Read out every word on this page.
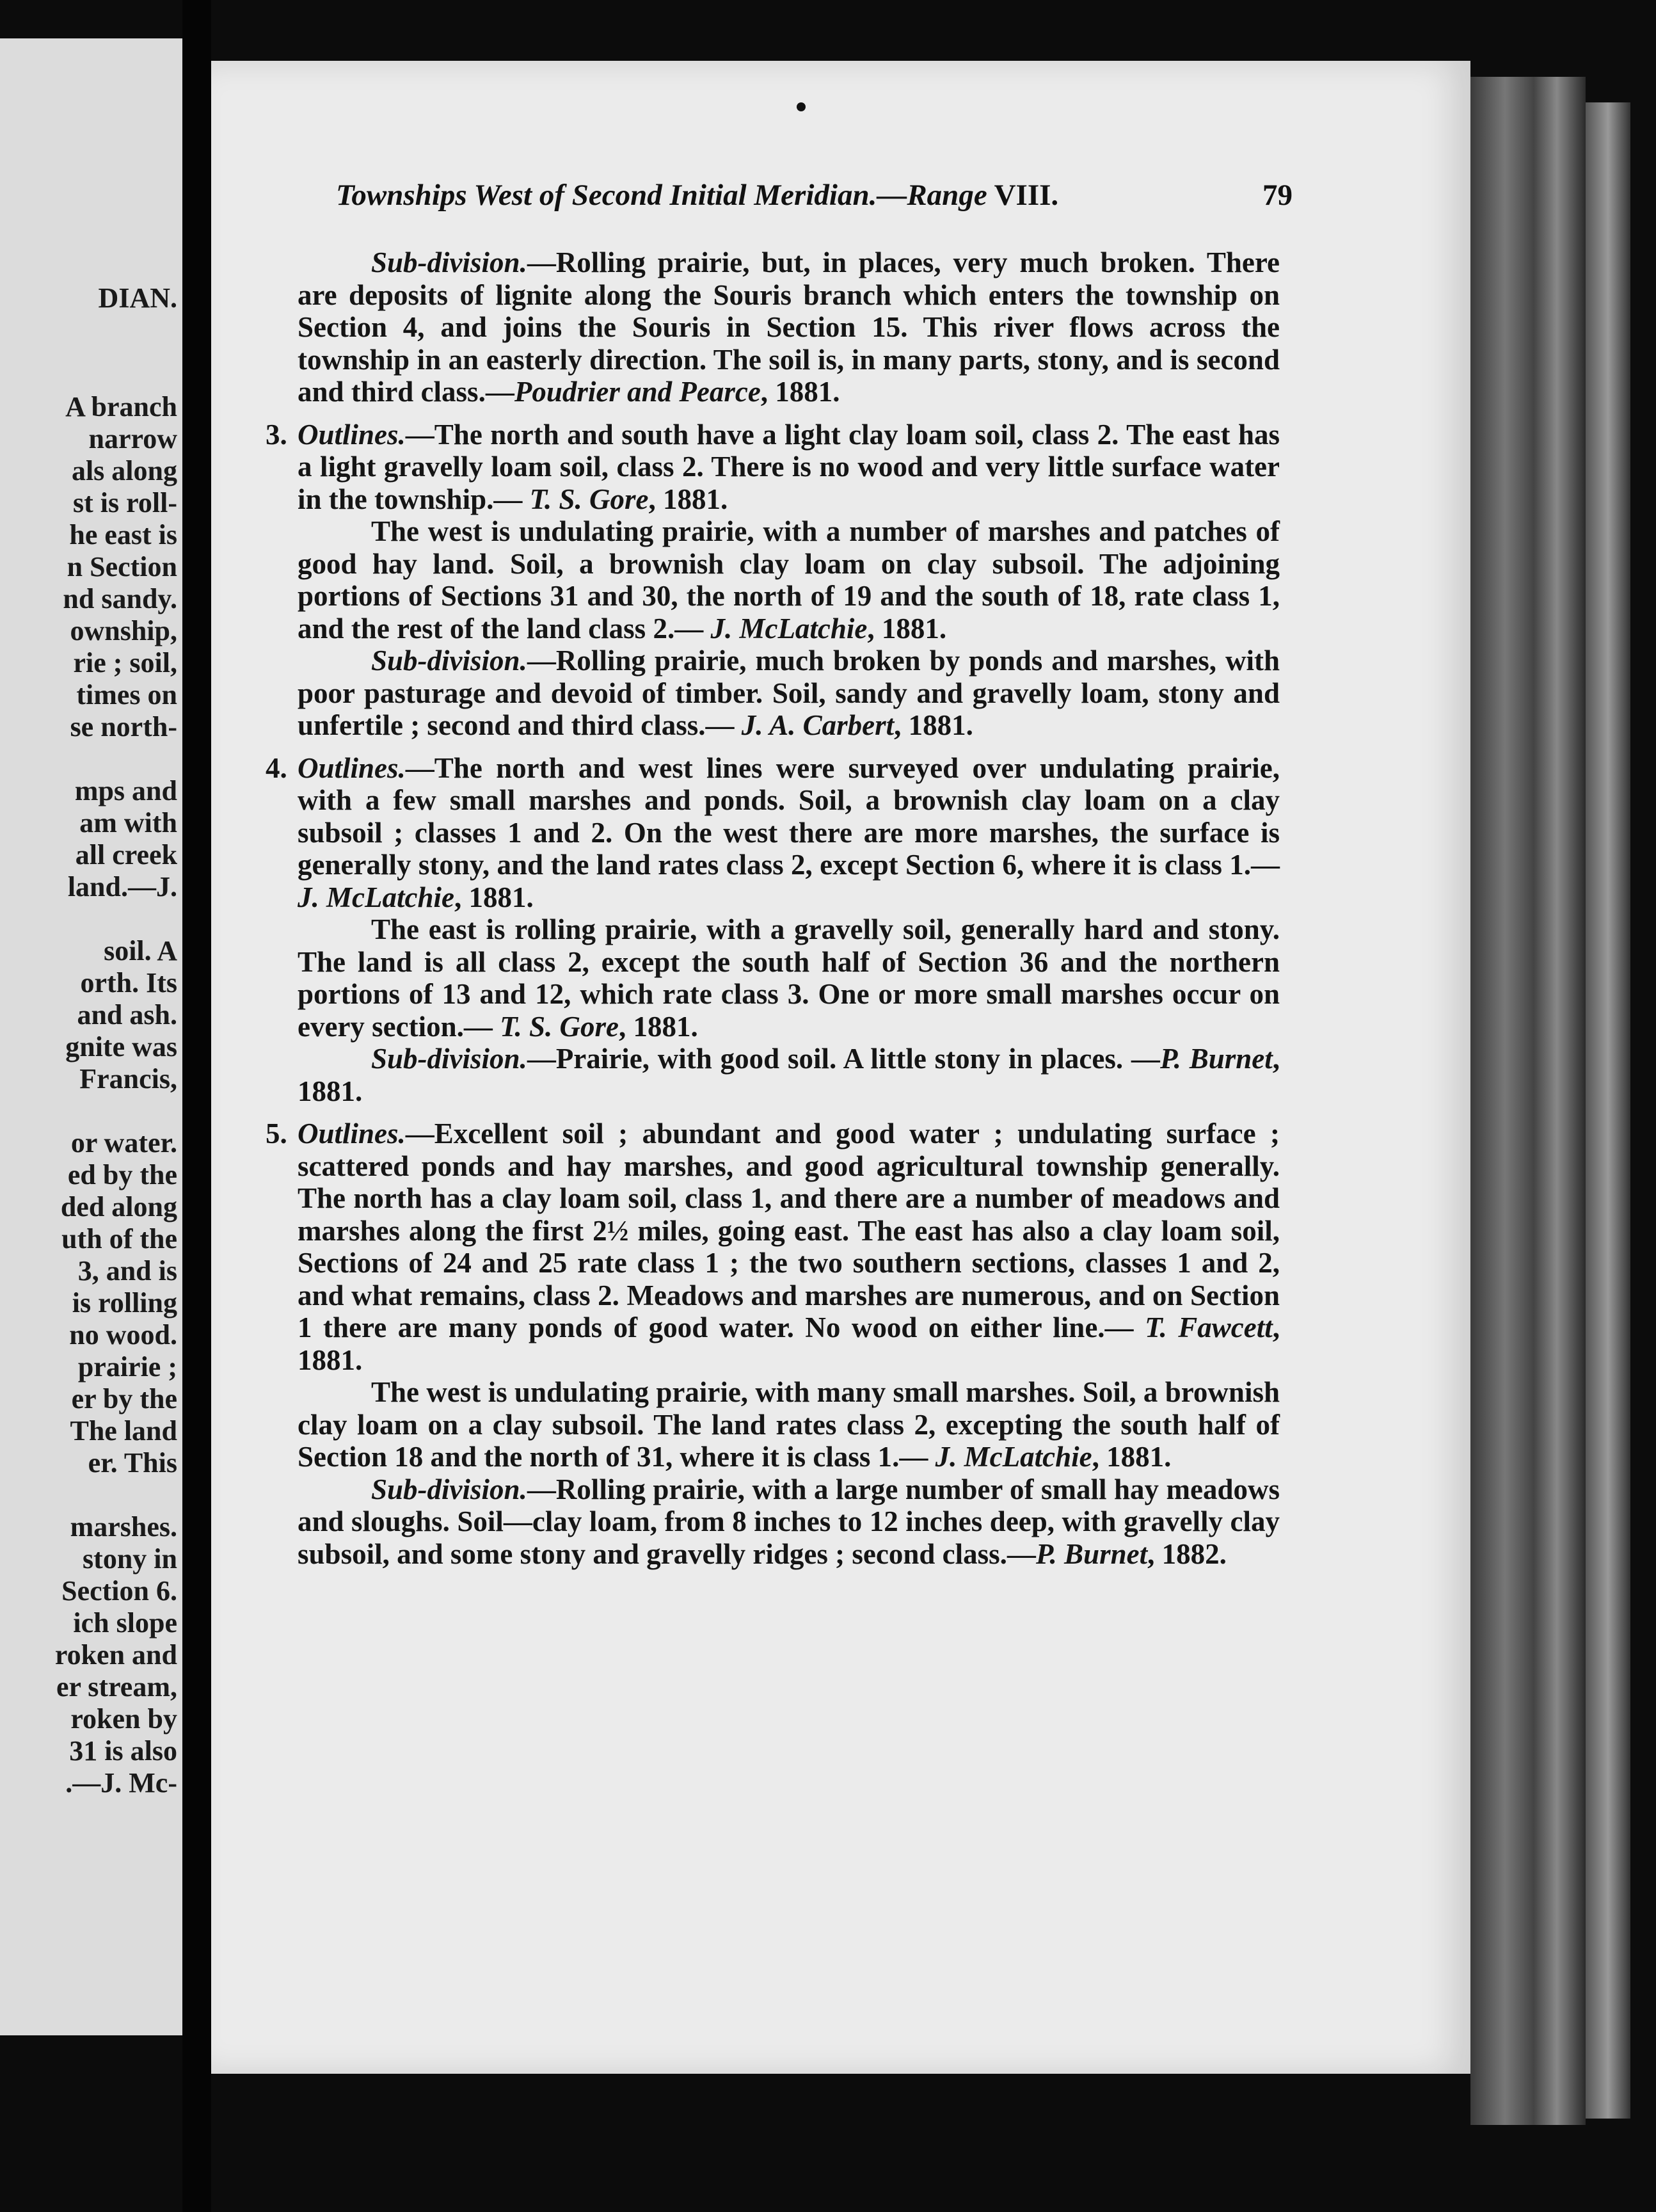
DIAN.
A branch
narrow
als along
st is roll-
he east is
n Section
nd sandy.
ownship,
rie ; soil,
times on
se north-
mps and
am with
all creek
land.—J.
soil. A
orth. Its
and ash.
gnite was
Francis,
or water.
ed by the
ded along
uth of the
3, and is
is rolling
no wood.
prairie ;
er by the
The land
er. This
marshes.
stony in
Section 6.
ich slope
roken and
er stream,
roken by
31 is also
.—J. Mc-
Townships West of Second Initial Meridian.—Range VIII.	79

Sub-division.—Rolling prairie, but, in places, very much broken. There are deposits of lignite along the Souris branch which enters the township on Section 4, and joins the Souris in Section 15. This river flows across the township in an easterly direction. The soil is, in many parts, stony, and is second and third class.—Poudrier and Pearce, 1881.

3. Outlines.—The north and south have a light clay loam soil, class 2. The east has a light gravelly loam soil, class 2. There is no wood and very little surface water in the township.— T. S. Gore, 1881.

The west is undulating prairie, with a number of marshes and patches of good hay land. Soil, a brownish clay loam on clay subsoil. The adjoining portions of Sections 31 and 30, the north of 19 and the south of 18, rate class 1, and the rest of the land class 2.— J. McLatchie, 1881.

Sub-division.—Rolling prairie, much broken by ponds and marshes, with poor pasturage and devoid of timber. Soil, sandy and gravelly loam, stony and unfertile ; second and third class.— J. A. Carbert, 1881.

4. Outlines.—The north and west lines were surveyed over undulating prairie, with a few small marshes and ponds. Soil, a brownish clay loam on a clay subsoil ; classes 1 and 2. On the west there are more marshes, the surface is generally stony, and the land rates class 2, except Section 6, where it is class 1.—J. McLatchie, 1881.

The east is rolling prairie, with a gravelly soil, generally hard and stony. The land is all class 2, except the south half of Section 36 and the northern portions of 13 and 12, which rate class 3. One or more small marshes occur on every section.— T. S. Gore, 1881.

Sub-division.—Prairie, with good soil. A little stony in places. —P. Burnet, 1881.

5. Outlines.—Excellent soil ; abundant and good water ; undulating surface ; scattered ponds and hay marshes, and good agricultural township generally. The north has a clay loam soil, class 1, and there are a number of meadows and marshes along the first 2½ miles, going east. The east has also a clay loam soil, Sections of 24 and 25 rate class 1 ; the two southern sections, classes 1 and 2, and what remains, class 2. Meadows and marshes are numerous, and on Section 1 there are many ponds of good water. No wood on either line.— T. Fawcett, 1881.

The west is undulating prairie, with many small marshes. Soil, a brownish clay loam on a clay subsoil. The land rates class 2, excepting the south half of Section 18 and the north of 31, where it is class 1.— J. McLatchie, 1881.

Sub-division.—Rolling prairie, with a large number of small hay meadows and sloughs. Soil—clay loam, from 8 inches to 12 inches deep, with gravelly clay subsoil, and some stony and gravelly ridges ; second class.—P. Burnet, 1882.
